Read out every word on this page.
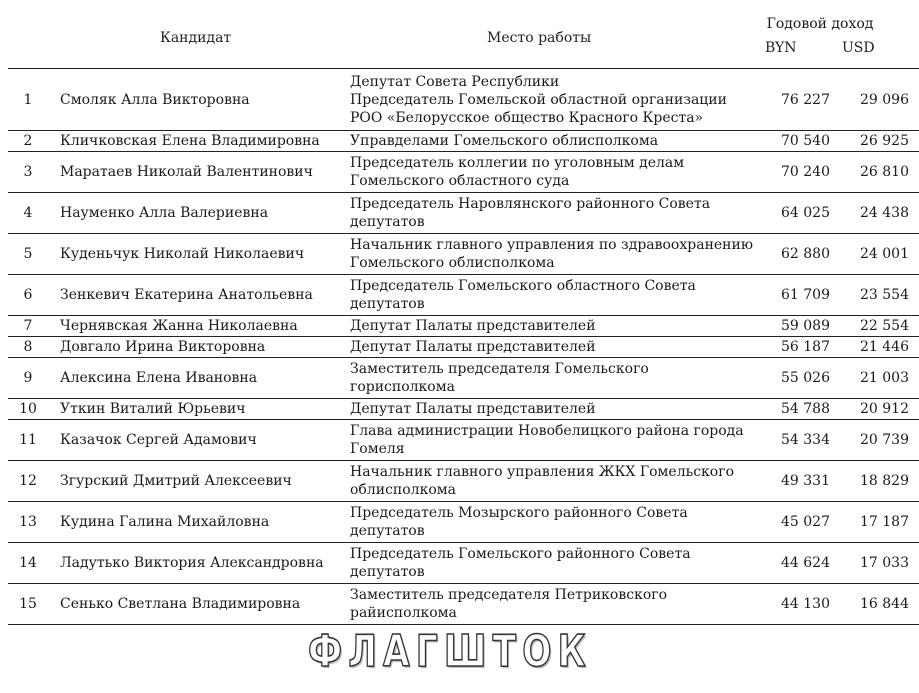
Кандидат	Место работы
Годовой доход
BYN	USD
1	Смоляк Алла Викторовна	Депутат Совета Республики
Председатель Гомельской областной организации
РОО «Белорусское общество Красного Креста»	76 227	29 096
2	Кличковская Елена Владимировна	Управделами Гомельского облисполкома	70 540	26 925
3	Маратаев Николай Валентинович	Председатель коллегии по уголовным делам
Гомельского областного суда	70 240	26 810
4	Науменко Алла Валериевна	Председатель Наровлянского районного Совета
депутатов	64 025	24 438
5	Куденьчук Николай Николаевич	Начальник главного управления по здравоохранению
Гомельского облисполкома	62 880	24 001
6	Зенкевич Екатерина Анатольевна	Председатель Гомельского областного Совета
депутатов	61 709	23 554
7	Чернявская Жанна Николаевна	Депутат Палаты представителей	59 089	22 554
8	Довгало Ирина Викторовна	Депутат Палаты представителей	56 187	21 446
9	Алексина Елена Ивановна	Заместитель председателя Гомельского
горисполкома	55 026	21 003
10	Уткин Виталий Юрьевич	Депутат Палаты представителей	54 788	20 912
11	Казачок Сергей Адамович	Глава администрации Новобелицкого района города
Гомеля	54 334	20 739
12	Згурский Дмитрий Алексеевич	Начальник главного управления ЖКХ Гомельского
облисполкома	49 331	18 829
13	Кудина Галина Михайловна	Председатель Мозырского районного Совета
депутатов	45 027	17 187
14	Ладутько Виктория Александровна	Председатель Гомельского районного Совета
депутатов	44 624	17 033
15	Сенько Светлана Владимировна	Заместитель председателя Петриковского
райисполкома	44 130	16 844
ФЛАГШТОК
